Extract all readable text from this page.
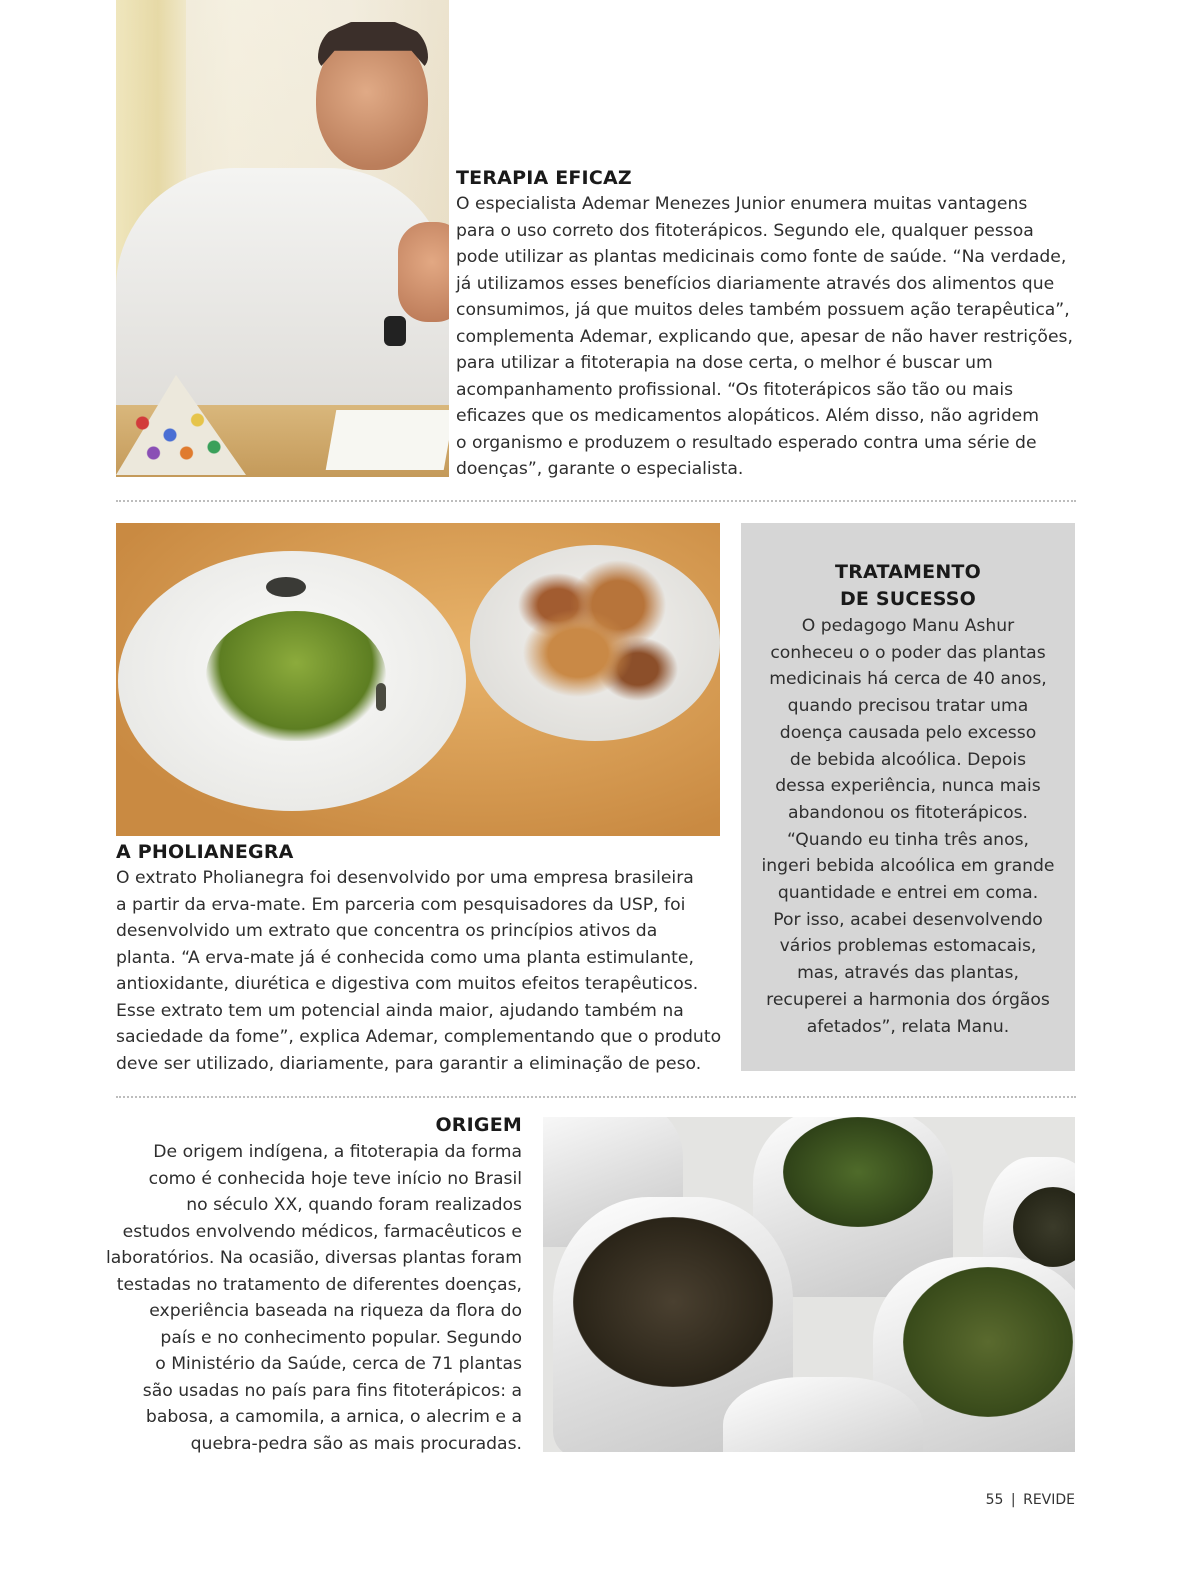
TERAPIA EFICAZ
O especialista Ademar Menezes Junior enumera muitas vantagens
para o uso correto dos fitoterápicos. Segundo ele, qualquer pessoa
pode utilizar as plantas medicinais como fonte de saúde. “Na verdade,
já utilizamos esses benefícios diariamente através dos alimentos que
consumimos, já que muitos deles também possuem ação terapêutica”,
complementa Ademar, explicando que, apesar de não haver restrições,
para utilizar a fitoterapia na dose certa, o melhor é buscar um
acompanhamento profissional. “Os fitoterápicos são tão ou mais
eficazes que os medicamentos alopáticos. Além disso, não agridem
o organismo e produzem o resultado esperado contra uma série de
doenças”, garante o especialista.
A PHOLIANEGRA
O extrato Pholianegra foi desenvolvido por uma empresa brasileira
a partir da erva-mate. Em parceria com pesquisadores da USP, foi
desenvolvido um extrato que concentra os princípios ativos da
planta. “A erva-mate já é conhecida como uma planta estimulante,
antioxidante, diurética e digestiva com muitos efeitos terapêuticos.
Esse extrato tem um potencial ainda maior, ajudando também na
saciedade da fome”, explica Ademar, complementando que o produto
deve ser utilizado, diariamente, para garantir a eliminação de peso.
TRATAMENTO
DE SUCESSO
O pedagogo Manu Ashur
conheceu o o poder das plantas
medicinais há cerca de 40 anos,
quando precisou tratar uma
doença causada pelo excesso
de bebida alcoólica. Depois
dessa experiência, nunca mais
abandonou os fitoterápicos.
“Quando eu tinha três anos,
ingeri bebida alcoólica em grande
quantidade e entrei em coma.
Por isso, acabei desenvolvendo
vários problemas estomacais,
mas, através das plantas,
recuperei a harmonia dos órgãos
afetados”, relata Manu.
ORIGEM
De origem indígena, a fitoterapia da forma
como é conhecida hoje teve início no Brasil
no século XX, quando foram realizados
estudos envolvendo médicos, farmacêuticos e
laboratórios. Na ocasião, diversas plantas foram
testadas no tratamento de diferentes doenças,
experiência baseada na riqueza da flora do
país e no conhecimento popular. Segundo
o Ministério da Saúde, cerca de 71 plantas
são usadas no país para fins fitoterápicos: a
babosa, a camomila, a arnica, o alecrim e a
quebra-pedra são as mais procuradas.
55 | REVIDE
